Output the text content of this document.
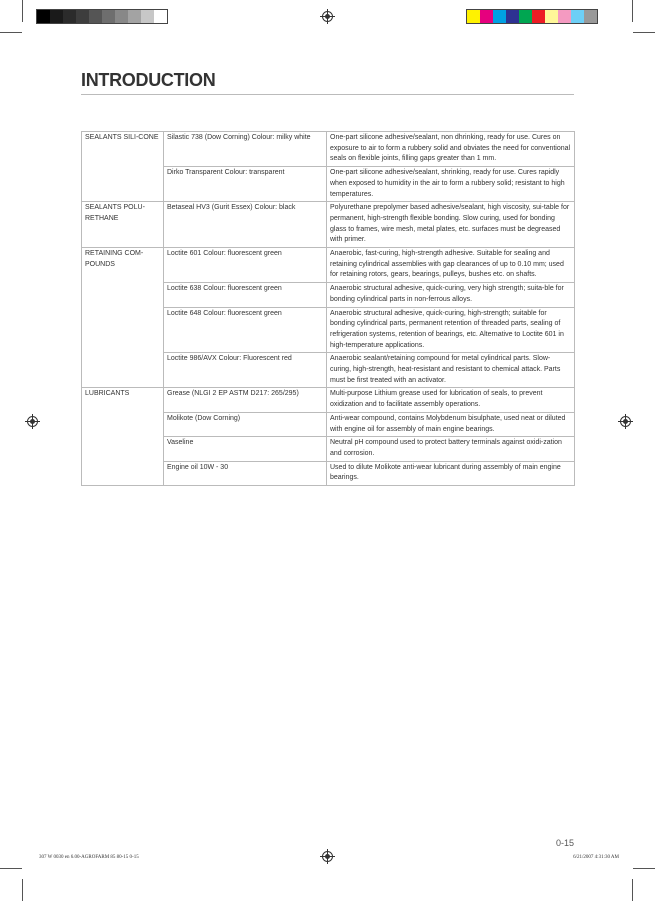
INTRODUCTION
SEALANTS SILI-CONE	Silastic 738 (Dow Corning) Colour: milky white	One-part silicone adhesive/sealant, non dhrinking, ready for use. Cures on exposure to air to form a rubbery solid and obviates the need for conventional seals on flexible joints, filling gaps greater than 1 mm.
	Dirko Transparent Colour: transparent	One-part silicone adhesive/sealant, shrinking, ready for use. Cures rapidly when exposed to humidity in the air to form a rubbery solid; resistant to high temperatures.
SEALANTS POLU-RETHANE	Betaseal HV3 (Gurit Essex) Colour: black	Polyurethane prepolymer based adhesive/sealant, high viscosity, sui-table for permanent, high-strength flexible bonding. Slow curing, used for bonding glass to frames, wire mesh, metal plates, etc. surfaces must be degreased with primer.
RETAINING COM-POUNDS	Loctite 601 Colour: fluorescent green	Anaerobic, fast-curing, high-strength adhesive. Suitable for sealing and retaining cylindrical assemblies with gap clearances of up to 0.10 mm; used for retaining rotors, gears, bearings, pulleys, bushes etc. on shafts.
	Loctite 638 Colour: fluorescent green	Anaerobic structural adhesive, quick-curing, very high strength; suita-ble for bonding cylindrical parts in non-ferrous alloys.
	Loctite 648 Colour: fluorescent green	Anaerobic structural adhesive, quick-curing, high-strength; suitable for bonding cylindrical parts, permanent retention of threaded parts, sealing of refrigeration systems, retention of bearings, etc. Alternative to Loctite 601 in high-temperature applications.
	Loctite 986/AVX Colour: Fluorescent red	Anaerobic sealant/retaining compound for metal cylindrical parts. Slow-curing, high-strength, heat-resistant and resistant to chemical attack. Parts must be first treated with an activator.
LUBRICANTS	Grease (NLGI 2 EP ASTM D217: 265/295)	Multi-purpose Lithium grease used for lubrication of seals, to prevent oxidization and to facilitate assembly operations.
	Molikote (Dow Corning)	Anti-wear compound, contains Molybdenum bisulphate, used neat or diluted with engine oil for assembly of main engine bearings.
	Vaseline	Neutral pH compound used to protect battery terminals against oxidi-zation and corrosion.
	Engine oil 10W - 30	Used to dilute Molikote anti-wear lubricant during assembly of main engine bearings.
0-15
307 W 0030 en 6.00-AGROFARM 85 80-15 0-15	6/21/2007 4:31:30 AM
